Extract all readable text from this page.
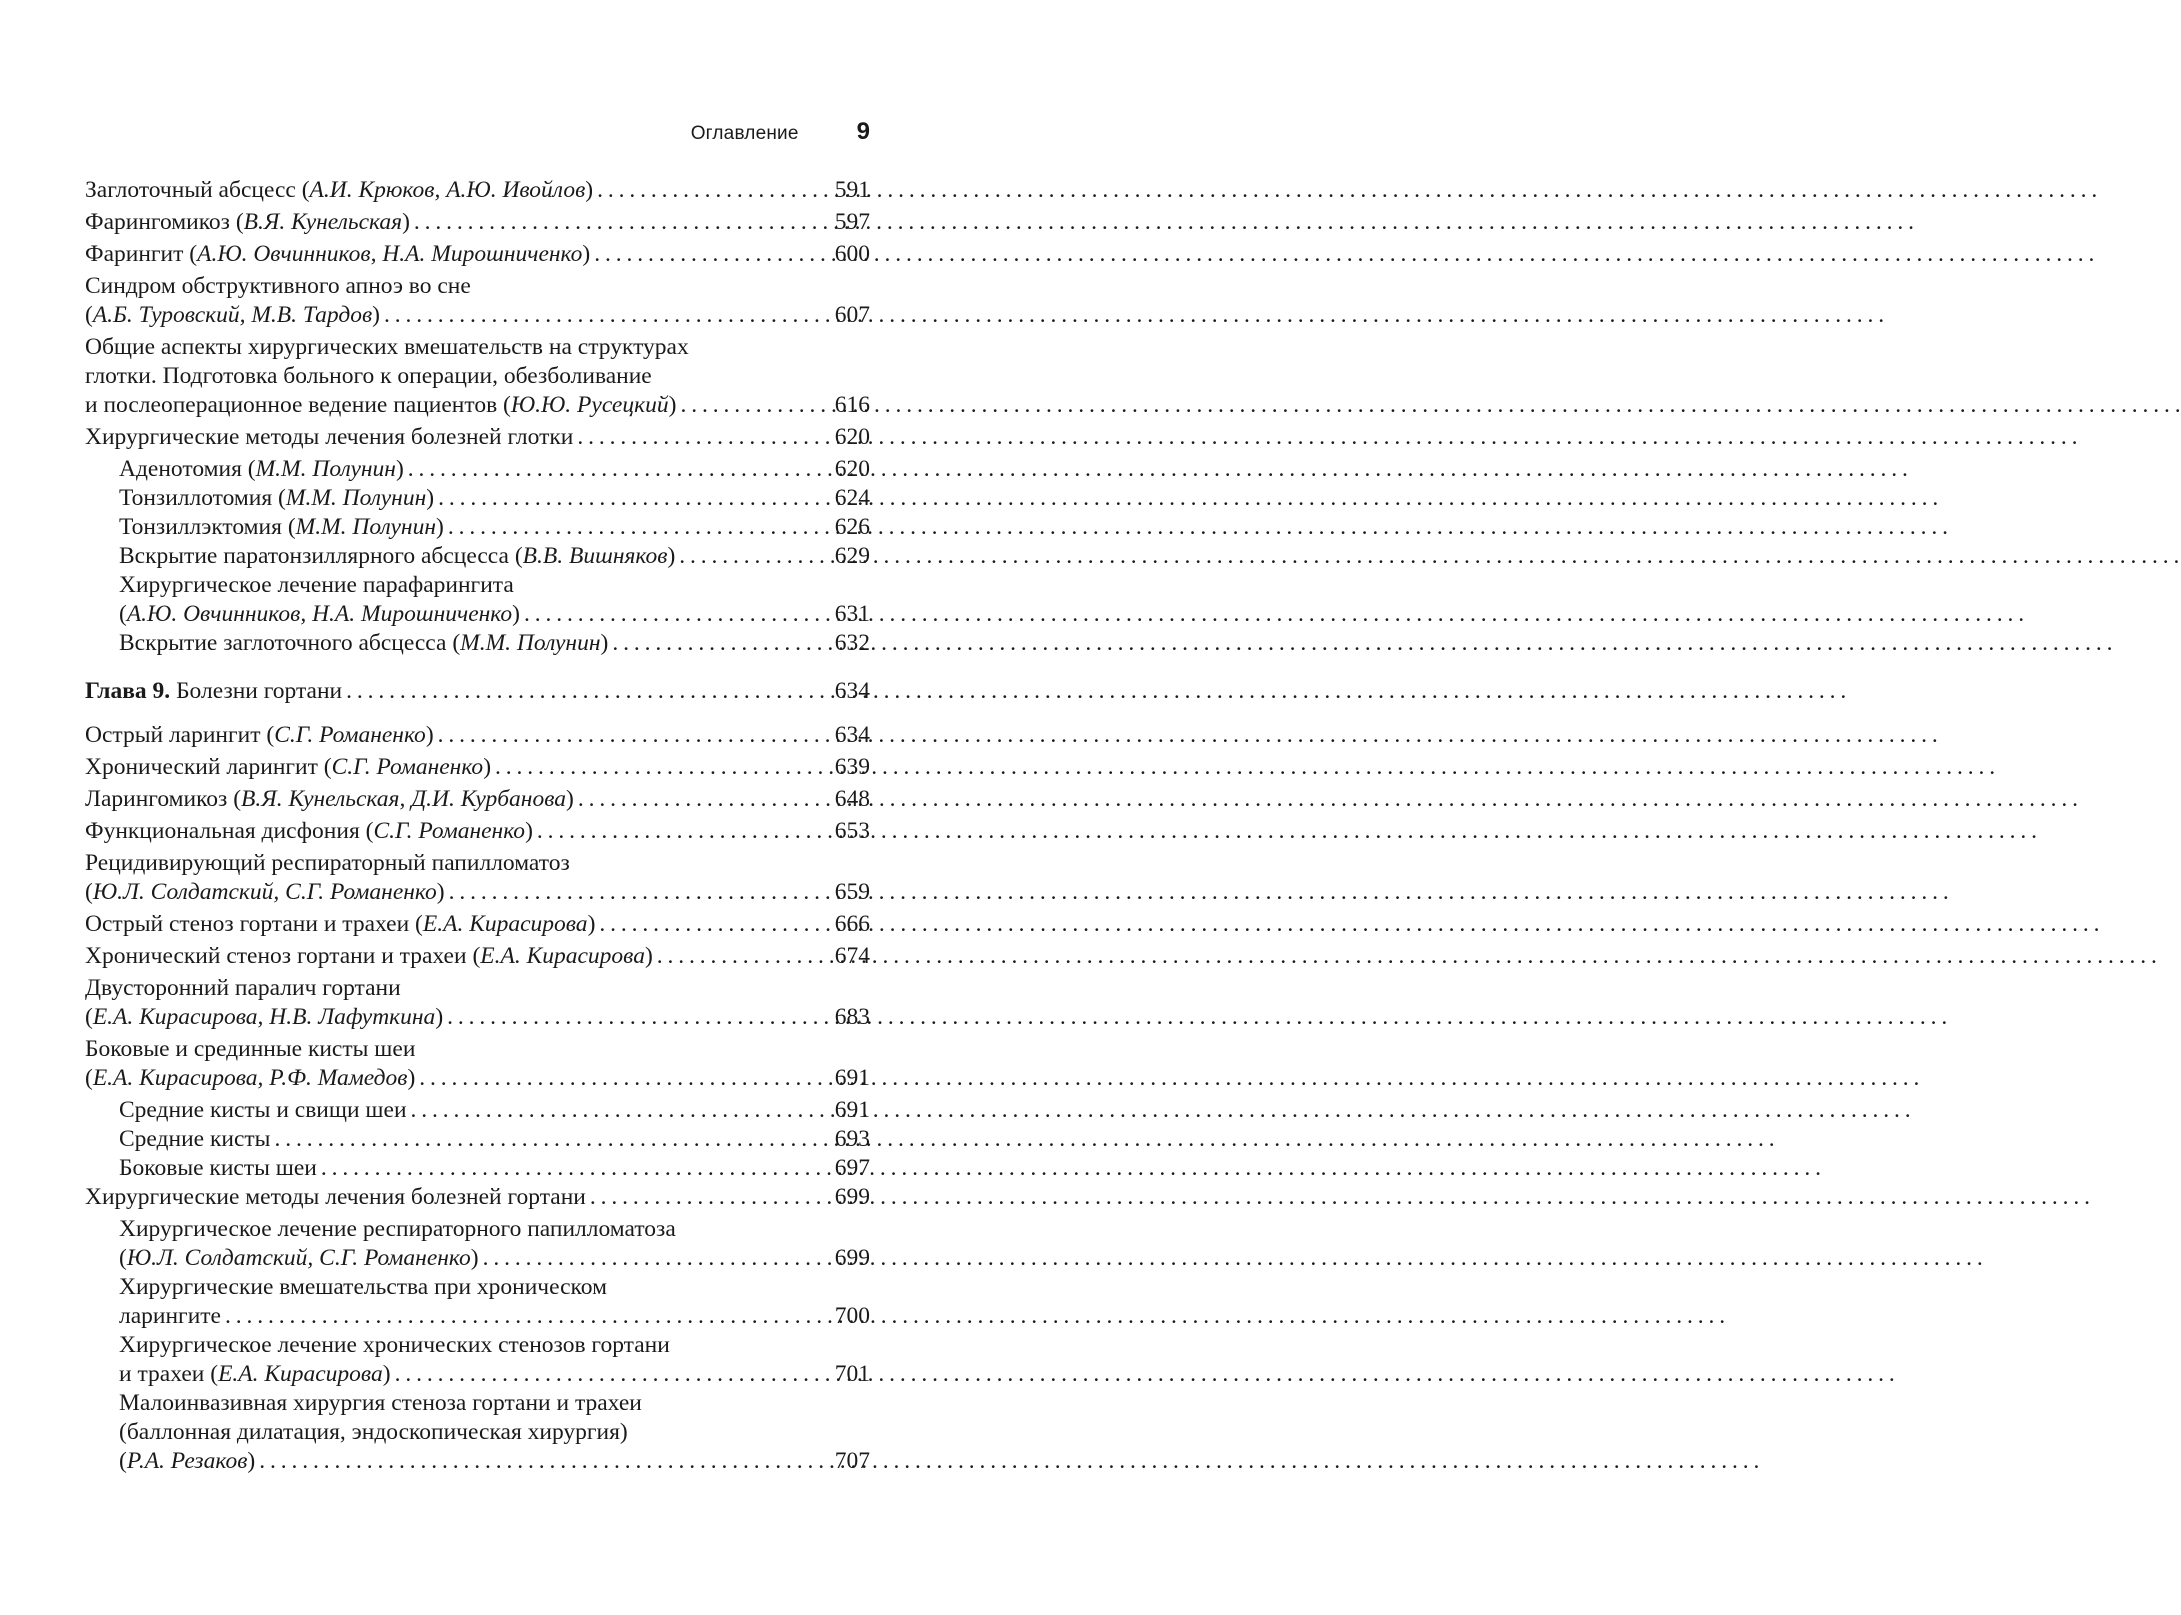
Оглавление 9
Заглоточный абсцесс (А.И. Крюков, А.Ю. Ивойлов) . . .	591
Фарингомикоз (В.Я. Кунельская) . . .	597
Фарингит (А.Ю. Овчинников, Н.А. Мирошниченко) . . .	600
Синдром обструктивного апноэ во сне
(А.Б. Туровский, М.В. Тардов) . . .	607
Общие аспекты хирургических вмешательств на структурах
глотки. Подготовка больного к операции, обезболивание
и послеоперационное ведение пациентов (Ю.Ю. Русецкий) . . .	616
Хирургические методы лечения болезней глотки . . .	620
Аденотомия (М.М. Полунин) . . .	620
Тонзиллотомия (М.М. Полунин) . . .	624
Тонзиллэктомия (М.М. Полунин) . . .	626
Вскрытие паратонзиллярного абсцесса (В.В. Вишняков) . . .	629
Хирургическое лечение парафарингита
(А.Ю. Овчинников, Н.А. Мирошниченко) . . .	631
Вскрытие заглоточного абсцесса (М.М. Полунин) . . .	632
Глава 9. Болезни гортани . . .	634
Острый ларингит (С.Г. Романенко) . . .	634
Хронический ларингит (С.Г. Романенко) . . .	639
Ларингомикоз (В.Я. Кунельская, Д.И. Курбанова) . . .	648
Функциональная дисфония (С.Г. Романенко) . . .	653
Рецидивирующий респираторный папилломатоз
(Ю.Л. Солдатский, С.Г. Романенко) . . .	659
Острый стеноз гортани и трахеи (Е.А. Кирасирова) . . .	666
Хронический стеноз гортани и трахеи (Е.А. Кирасирова) . . .	674
Двусторонний паралич гортани
(Е.А. Кирасирова, Н.В. Лафуткина) . . .	683
Боковые и срединные кисты шеи
(Е.А. Кирасирова, Р.Ф. Мамедов) . . .	691
Средние кисты и свищи шеи . . .	691
Средние кисты . . .	693
Боковые кисты шеи . . .	697
Хирургические методы лечения болезней гортани . . .	699
Хирургическое лечение респираторного папилломатоза
(Ю.Л. Солдатский, С.Г. Романенко) . . .	699
Хирургические вмешательства при хроническом
ларингите . . .	700
Хирургическое лечение хронических стенозов гортани
и трахеи (Е.А. Кирасирова) . . .	701
Малоинвазивная хирургия стеноза гортани и трахеи
(баллонная дилатация, эндоскопическая хирургия)
(Р.А. Резаков) . . .	707
